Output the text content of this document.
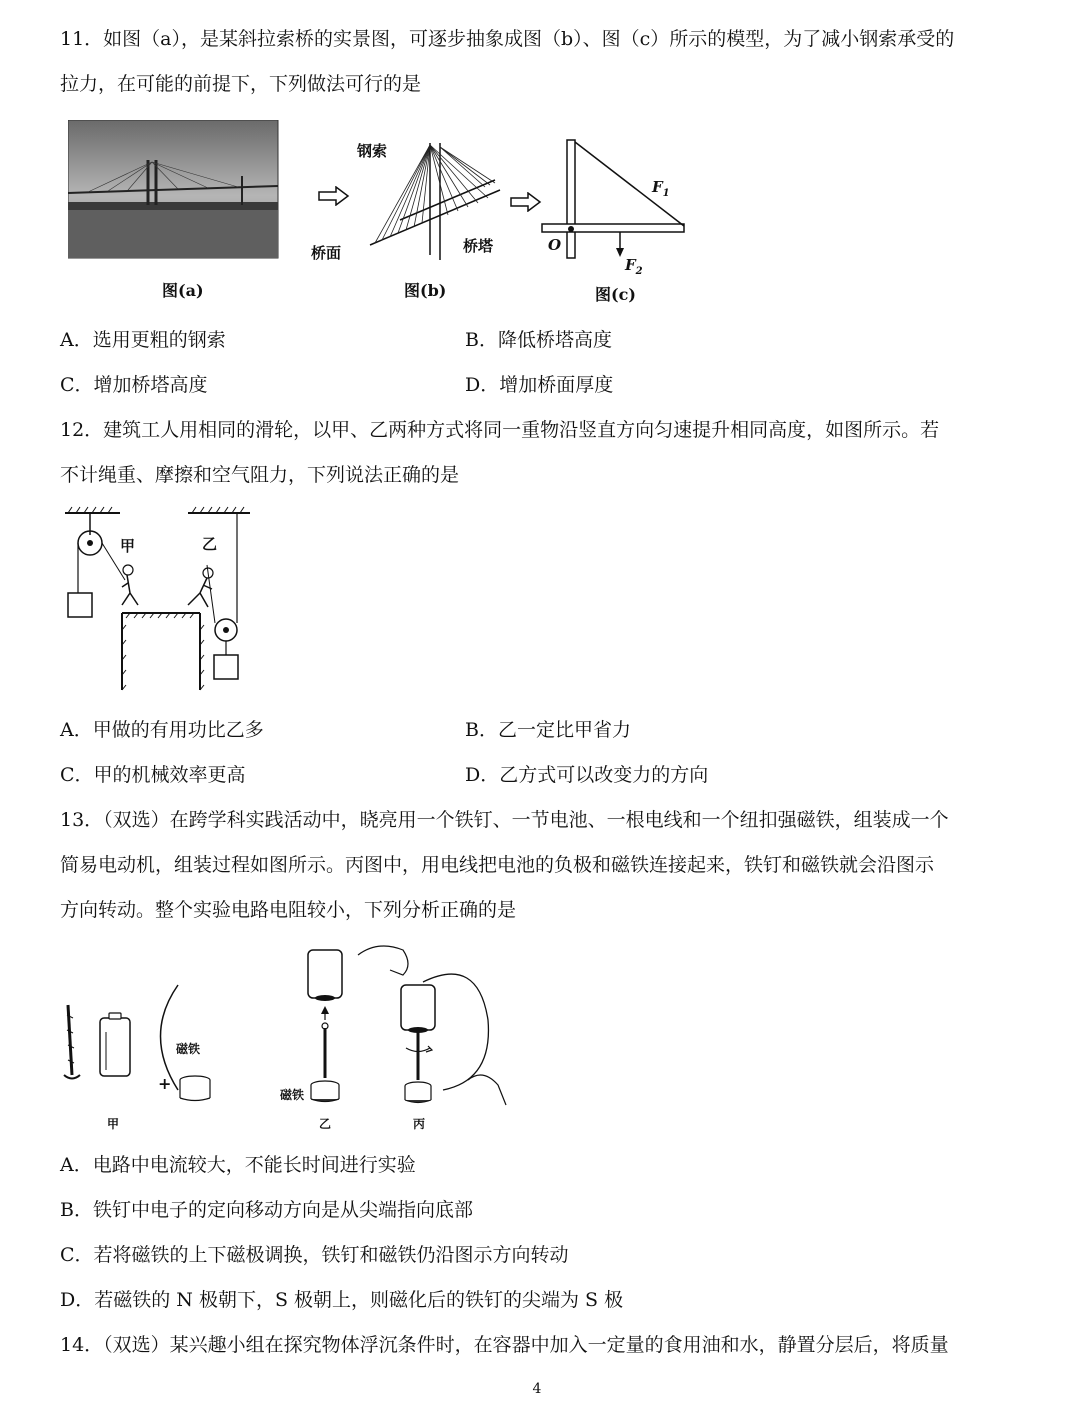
11．如图（a），是某斜拉索桥的实景图，可逐步抽象成图（b）、图（c）所示的模型，为了减小钢索承受的
拉力，在可能的前提下，下列做法可行的是
图(a)
钢索
桥面	桥塔
图(b)
$F_1$
O
$F_2$
图(c)
A．选用更粗的钢索	B．降低桥塔高度
C．增加桥塔高度	D．增加桥面厚度
12．建筑工人用相同的滑轮，以甲、乙两种方式将同一重物沿竖直方向匀速提升相同高度，如图所示。若
不计绳重、摩擦和空气阻力，下列说法正确的是
甲	乙
A．甲做的有用功比乙多	B．乙一定比甲省力
C．甲的机械效率更高	D．乙方式可以改变力的方向
13．（双选）在跨学科实践活动中，晓亮用一个铁钉、一节电池、一根电线和一个纽扣强磁铁，组装成一个
简易电动机，组装过程如图所示。丙图中，用电线把电池的负极和磁铁连接起来，铁钉和磁铁就会沿图示
方向转动。整个实验电路电阻较小，下列分析正确的是
+
磁铁
磁铁
甲	乙	丙
A．电路中电流较大，不能长时间进行实验
B．铁钉中电子的定向移动方向是从尖端指向底部
C．若将磁铁的上下磁极调换，铁钉和磁铁仍沿图示方向转动
D．若磁铁的 N 极朝下，S 极朝上，则磁化后的铁钉的尖端为 S 极
14．（双选）某兴趣小组在探究物体浮沉条件时，在容器中加入一定量的食用油和水，静置分层后，将质量
4
